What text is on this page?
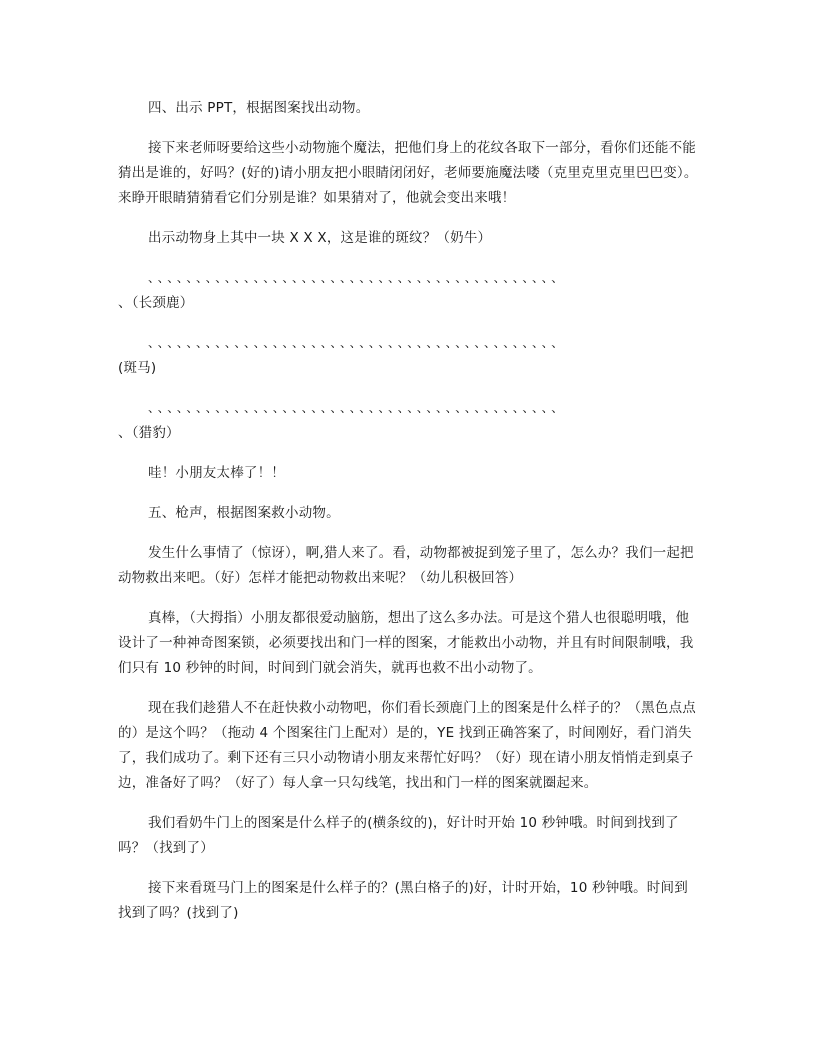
四、出示 PPT，根据图案找出动物。

接下来老师呀要给这些小动物施个魔法，把他们身上的花纹各取下一部分，看你们还能不能猜出是谁的，好吗？(好的)请小朋友把小眼睛闭闭好，老师要施魔法喽（克里克里克里巴巴变）。来睁开眼睛猜猜看它们分别是谁？如果猜对了，他就会变出来哦！

出示动物身上其中一块 X X X，这是谁的斑纹？（奶牛）

、、、、、、、、、、、、、、、、、、、、、、、、、、、、、、、、、、、、、、、、、、、

、（长颈鹿）

、、、、、、、、、、、、、、、、、、、、、、、、、、、、、、、、、、、、、、、、、、、

(斑马)

、、、、、、、、、、、、、、、、、、、、、、、、、、、、、、、、、、、、、、、、、、、

、（猎豹）

哇！小朋友太棒了！！

五、枪声，根据图案救小动物。

发生什么事情了（惊讶），啊,猎人来了。看，动物都被捉到笼子里了，怎么办？我们一起把动物救出来吧。（好）怎样才能把动物救出来呢？（幼儿积极回答）

真棒，（大拇指）小朋友都很爱动脑筋，想出了这么多办法。可是这个猎人也很聪明哦，他设计了一种神奇图案锁，必须要找出和门一样的图案，才能救出小动物，并且有时间限制哦，我们只有 10 秒钟的时间，时间到门就会消失，就再也救不出小动物了。

现在我们趁猎人不在赶快救小动物吧，你们看长颈鹿门上的图案是什么样子的？（黑色点点的）是这个吗？（拖动 4 个图案往门上配对）是的，YE 找到正确答案了，时间刚好，看门消失了，我们成功了。剩下还有三只小动物请小朋友来帮忙好吗？（好）现在请小朋友悄悄走到桌子边，准备好了吗？（好了）每人拿一只勾线笔，找出和门一样的图案就圈起来。

我们看奶牛门上的图案是什么样子的(横条纹的)，好计时开始 10 秒钟哦。时间到找到了吗？（找到了）

接下来看斑马门上的图案是什么样子的？(黑白格子的)好，计时开始，10 秒钟哦。时间到找到了吗？(找到了)
